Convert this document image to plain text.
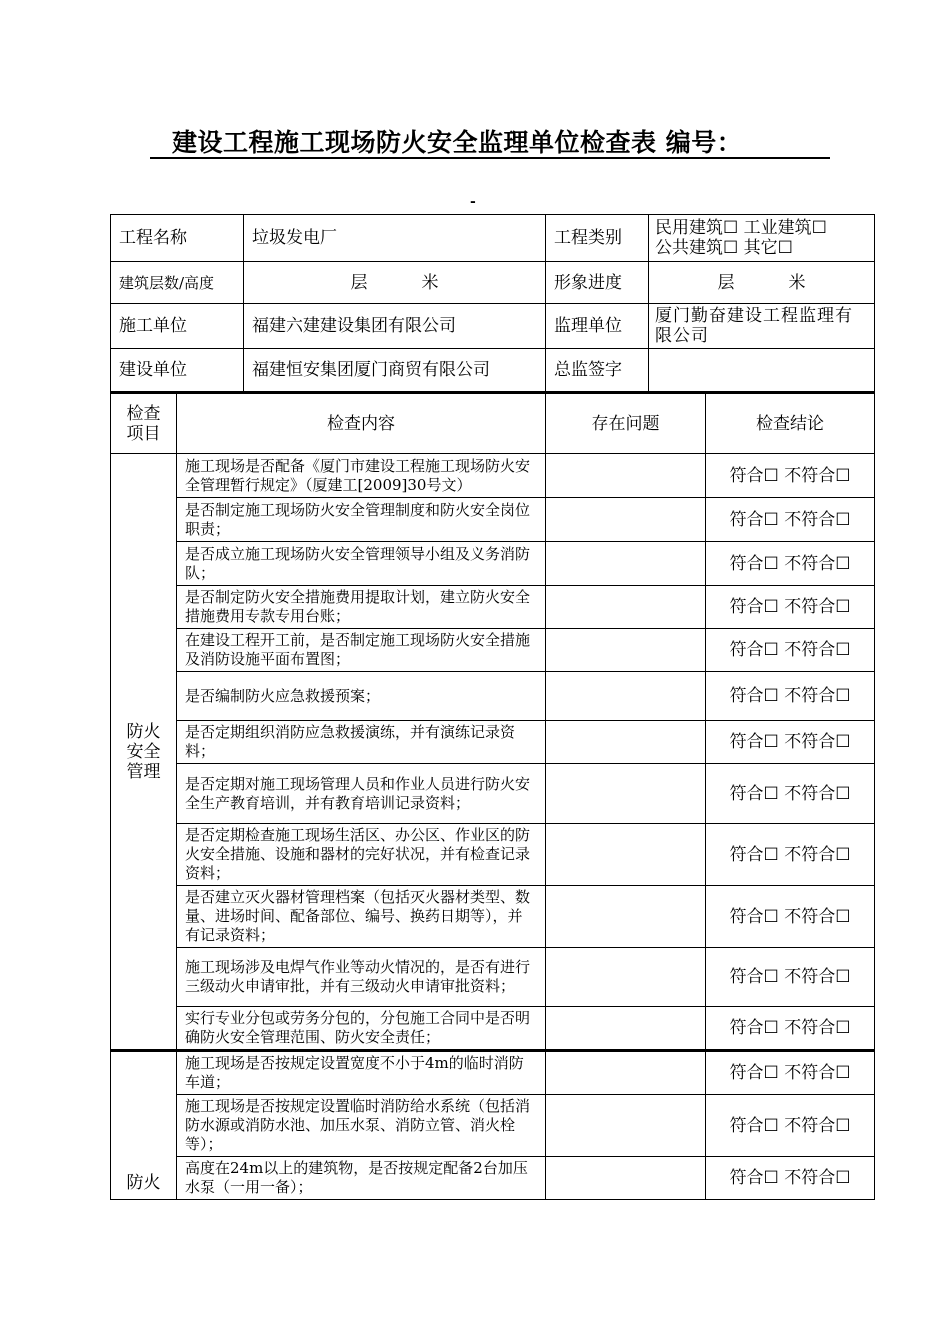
建设工程施工现场防火安全监理单位检查表 编号：
-
工程名称		垃圾发电厂	工程类别	民用建筑☐ 工业建筑☐
公共建筑☐ 其它☐	

建筑层数/高度		层          米	形象进度	层          米	
施工单位		福建六建建设集团有限公司	监理单位	厦门勤奋建设工程监理有限公司	
建设单位		福建恒安集团厦门商贸有限公司	总监签字		
检查项目	检查内容		存在问题		检查结论
防火安全管理	施工现场是否配备《厦门市建设工程施工现场防火安全管理暂行规定》（厦建工[2009]30号文）				符合☐ 不符合☐
	是否制定施工现场防火安全管理制度和防火安全岗位职责；				符合☐ 不符合☐
	是否成立施工现场防火安全管理领导小组及义务消防队；				符合☐ 不符合☐
	是否制定防火安全措施费用提取计划，建立防火安全措施费用专款专用台账；				符合☐ 不符合☐
	在建设工程开工前，是否制定施工现场防火安全措施及消防设施平面布置图；				符合☐ 不符合☐
	是否编制防火应急救援预案；				符合☐ 不符合☐
	是否定期组织消防应急救援演练，并有演练记录资料；				符合☐ 不符合☐
	是否定期对施工现场管理人员和作业人员进行防火安全生产教育培训，并有教育培训记录资料；				符合☐ 不符合☐
	是否定期检查施工现场生活区、办公区、作业区的防火安全措施、设施和器材的完好状况，并有检查记录资料；				符合☐ 不符合☐
	是否建立灭火器材管理档案（包括灭火器材类型、数量、进场时间、配备部位、编号、换药日期等），并有记录资料；				符合☐ 不符合☐
	施工现场涉及电焊气作业等动火情况的，是否有进行三级动火申请审批，并有三级动火申请审批资料；				符合☐ 不符合☐
	实行专业分包或劳务分包的，分包施工合同中是否明确防火安全管理范围、防火安全责任；				符合☐ 不符合☐
防火	施工现场是否按规定设置宽度不小于4m的临时消防车道；				符合☐ 不符合☐
	施工现场是否按规定设置临时消防给水系统（包括消防水源或消防水池、加压水泵、消防立管、消火栓等）；				符合☐ 不符合☐
	高度在24m以上的建筑物，是否按规定配备2台加压水泵（一用一备）；				符合☐ 不符合☐
